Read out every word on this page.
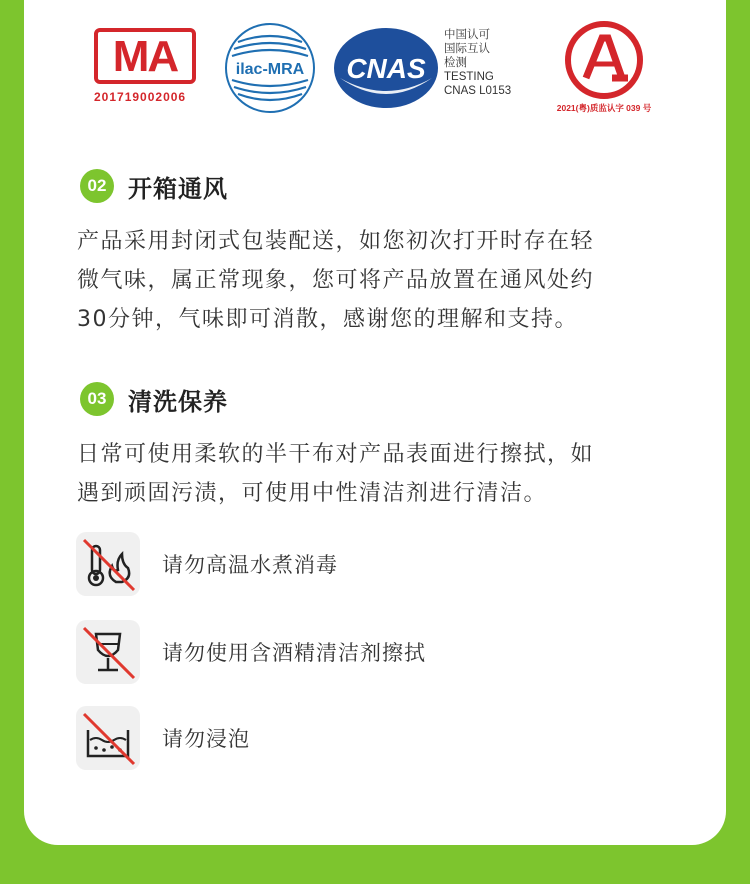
MA
201719002006
ilac-MRA CNAS
中国认可
国际互认
检测
TESTING
CNAS L0153
2021(粤)质监认字 039 号
02 开箱通风
产品采用封闭式包装配送，如您初次打开时存在轻
微气味，属正常现象，您可将产品放置在通风处约
30分钟，气味即可消散，感谢您的理解和支持。
03 清洗保养
日常可使用柔软的半干布对产品表面进行擦拭，如
遇到顽固污渍，可使用中性清洁剂进行清洁。
请勿高温水煮消毒
请勿使用含酒精清洁剂擦拭
请勿浸泡
